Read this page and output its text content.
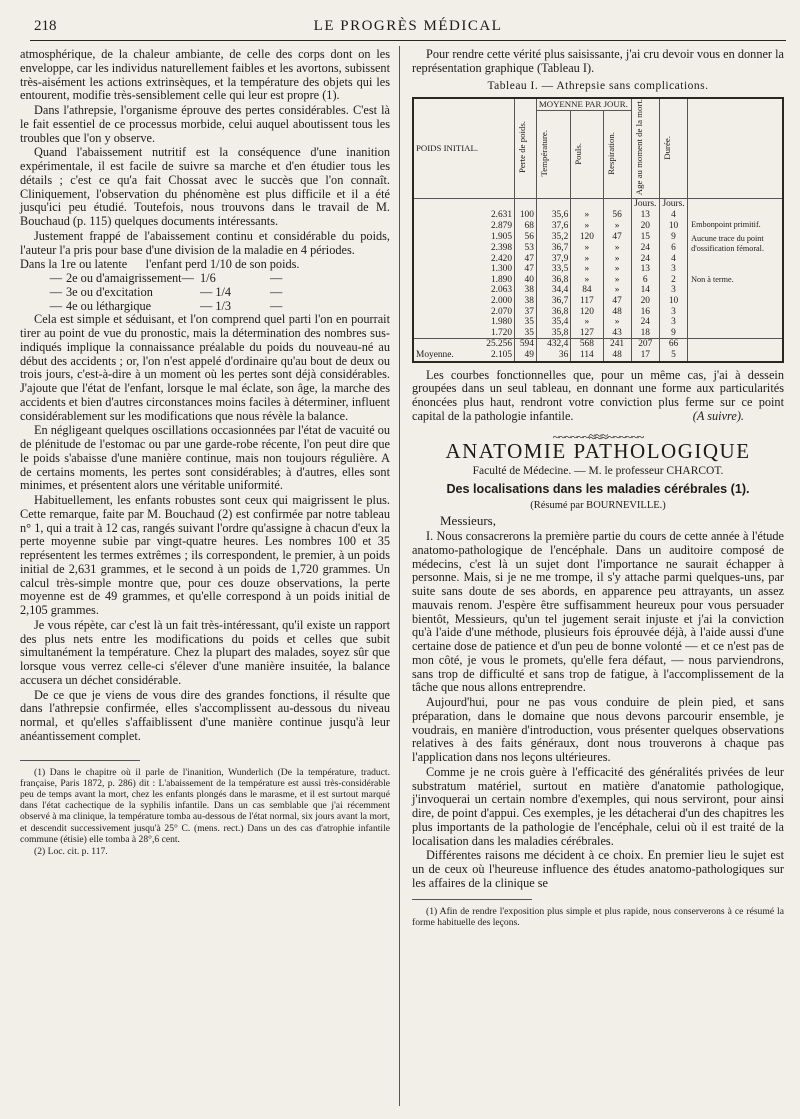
218	LE PROGRÈS MÉDICAL

atmosphérique, de la chaleur ambiante, de celle des corps dont on les enveloppe, car les individus naturellement faibles et les avortons, subissent très-aisément les actions extrinsèques, et la température des objets qui les entourent, modifie très-sensiblement celle qui leur est propre (1).

Dans l'athrepsie, l'organisme éprouve des pertes considérables. C'est là le fait essentiel de ce processus morbide, celui auquel aboutissent tous les troubles que l'on y observe.

Quand l'abaissement nutritif est la conséquence d'une inanition expérimentale, il est facile de suivre sa marche et d'en étudier tous les détails ; c'est ce qu'a fait Chossat avec le succès que l'on connaît. Cliniquement, l'observation du phénomène est plus difficile et il a été jusqu'ici peu étudié. Toutefois, nous trouvons dans le travail de M. Bouchaud (p. 115) quelques documents intéressants.

Justement frappé de l'abaissement continu et considérable du poids, l'auteur l'a pris pour base d'une division de la maladie en 4 périodes.

Dans la 1re ou latente      l'enfant perd 1/10 de son poids.

— 2e ou d'amaigrissement— 1/6	—
— 3e ou d'excitation	— 1/4	—
— 4e ou léthargique	— 1/3	—

Cela est simple et séduisant, et l'on comprend quel parti l'on en pourrait tirer au point de vue du pronostic, mais la détermination des nombres sus-indiqués implique la connaissance préalable du poids du nouveau-né au début des accidents ; or, l'on n'est appelé d'ordinaire qu'au bout de deux ou trois jours, c'est-à-dire à un moment où les pertes sont déjà considérables. J'ajoute que l'état de l'enfant, lorsque le mal éclate, son âge, la marche des accidents et bien d'autres circonstances moins faciles à déterminer, influent considérablement sur les modifications que nous révèle la balance.

En négligeant quelques oscillations occasionnées par l'état de vacuité ou de plénitude de l'estomac ou par une garde-robe récente, l'on peut dire que le poids s'abaisse d'une manière continue, mais non toujours régulière. A de certains moments, les pertes sont considérables; à d'autres, elles sont minimes, et présentent alors une véritable uniformité.

Habituellement, les enfants robustes sont ceux qui maigrissent le plus. Cette remarque, faite par M. Bouchaud (2) est confirmée par notre tableau n° 1, qui a trait à 12 cas, rangés suivant l'ordre qu'assigne à chacun d'eux la perte moyenne subie par vingt-quatre heures. Les nombres 100 et 35 représentent les termes extrêmes ; ils correspondent, le premier, à un poids initial de 2,631 grammes, et le second à un poids de 1,720 grammes. Un calcul très-simple montre que, pour ces douze observations, la perte moyenne est de 49 grammes, et qu'elle correspond à un poids initial de 2,105 grammes.

Je vous répète, car c'est là un fait très-intéressant, qu'il existe un rapport des plus nets entre les modifications du poids et celles que subit simultanément la température. Chez la plupart des malades, soyez sûr que lorsque vous verrez celle-ci s'élever d'une manière insuitée, la balance accusera un déchet considérable.

De ce que je viens de vous dire des grandes fonctions, il résulte que dans l'athrepsie confirmée, elles s'accomplissent au-dessous du niveau normal, et qu'elles s'affaiblissent d'une manière continue jusqu'à leur anéantissement complet.

(1) Dans le chapitre où il parle de l'inanition, Wunderlich (De la température, traduct. française, Paris 1872, p. 286) dit : L'abaissement de la température est aussi très-considérable peu de temps avant la mort, chez les enfants plongés dans le marasme, et il est surtout marqué dans l'état cachectique de la syphilis infantile. Dans un cas semblable que j'ai récemment observé à ma clinique, la température tomba au-dessous de l'état normal, six jours avant la mort, et descendit successivement jusqu'à 25° C. (mens. rect.) Dans un des cas d'atrophie infantile commune (étisie) elle tomba à 28°,6 cent.

(2) Loc. cit. p. 117.

Pour rendre cette vérité plus saisissante, j'ai cru devoir vous en donner la représentation graphique (Tableau I).

Tableau I. — Athrepsie sans complications.
POIDS INITIAL.	Perte de poids.	MOYENNE PAR JOUR.			Age au moment de la mort.	Durée.	
		Température.	Pouls.	Respiration.			
					Jours.	Jours.	
2.631	100	35,6	»	56	13	4	Embonpoint primitif.
Aucune trace du point d'ossification fémoral.

2.879	68	37,6	»	»	20	10	
1.905	56	35,2	120	47	15	9	
2.398	53	36,7	»	»	24	6	
2.420	47	37,9	»	»	24	4	
1.300	47	33,5	»	»	13	3	
1.890	40	36,8	»	»	6	2	Non à terme.
2.063	38	34,4	84	»	14	3	
2.000	38	36,7	117	47	20	10	
2.070	37	36,8	120	48	16	3	
1.980	35	35,4	»	»	24	3	
1.720	35	35,8	127	43	18	9	
25.256	594	432,4	568	241	207	66	

Moyenne. 2.105	49	36	114	48	17	5	

Les courbes fonctionnelles que, pour un même cas, j'ai à dessein groupées dans un seul tableau, en donnant une forme aux particularités énoncées plus haut, rendront votre conviction plus ferme sur ce point capital de la pathologie infantile.	(A suivre).
~~~~~~≈≈≈~~~~~~
ANATOMIE PATHOLOGIQUE
Faculté de Médecine. — M. le professeur CHARCOT.
Des localisations dans les maladies cérébrales (1).
(Résumé par BOURNEVILLE.)

Messieurs,

I. Nous consacrerons la première partie du cours de cette année à l'étude anatomo-pathologique de l'encéphale. Dans un auditoire composé de médecins, c'est là un sujet dont l'importance ne saurait échapper à personne. Mais, si je ne me trompe, il s'y attache parmi quelques-uns, par suite sans doute de ses abords, en apparence peu attrayants, un assez mauvais renom. J'espère être suffisamment heureux pour vous persuader bientôt, Messieurs, qu'un tel jugement serait injuste et j'ai la conviction qu'à l'aide d'une méthode, plusieurs fois éprouvée déjà, à l'aide aussi d'une certaine dose de patience et d'un peu de bonne volonté — et ce n'est pas de mon côté, je vous le promets, qu'elle fera défaut, — nous parviendrons, sans trop de difficulté et sans trop de fatigue, à l'accomplissement de la tâche que nous allons entreprendre.

Aujourd'hui, pour ne pas vous conduire de plein pied, et sans préparation, dans le domaine que nous devons parcourir ensemble, je voudrais, en manière d'introduction, vous présenter quelques observations relatives à des faits généraux, dont nous trouverons à chaque pas l'application dans nos leçons ultérieures.

Comme je ne crois guère à l'efficacité des généralités privées de leur substratum matériel, surtout en matière d'anatomie pathologique, j'invoquerai un certain nombre d'exemples, qui nous serviront, pour ainsi dire, de point d'appui. Ces exemples, je les détacherai d'un des chapitres les plus importants de la pathologie de l'encéphale, celui où il est traité de la localisation dans les maladies cérébrales.

Différentes raisons me décident à ce choix. En premier lieu le sujet est un de ceux où l'heureuse influence des études anatomo-pathologiques sur les affaires de la clinique se

(1) Afin de rendre l'exposition plus simple et plus rapide, nous conserverons à ce résumé la forme habituelle des leçons.
